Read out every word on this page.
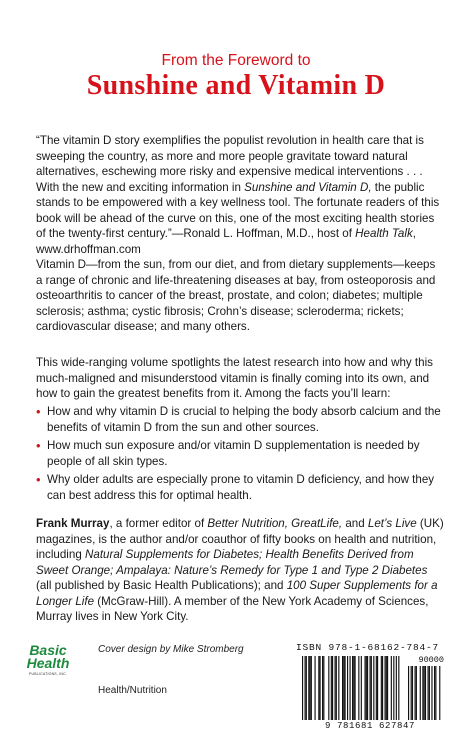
From the Foreword to
Sunshine and Vitamin D

“The vitamin D story exemplifies the populist revolution in health care that is sweeping the country, as more and more people gravitate toward natural alternatives, eschewing more risky and expensive medical interventions . . . With the new and exciting information in Sunshine and Vitamin D, the public stands to be empowered with a key wellness tool. The fortunate readers of this book will be ahead of the curve on this, one of the most exciting health stories of the twenty-first century.”—Ronald L. Hoffman, M.D., host of Health Talk, www.drhoffman.com

Vitamin D—from the sun, from our diet, and from dietary supplements—keeps a range of chronic and life-threatening diseases at bay, from osteoporosis and osteoarthritis to cancer of the breast, prostate, and colon; diabetes; multiple sclerosis; asthma; cystic fibrosis; Crohn’s disease; scleroderma; rickets; cardiovascular disease; and many others.

This wide-ranging volume spotlights the latest research into how and why this much-maligned and misunderstood vitamin is finally coming into its own, and how to gain the greatest benefits from it. Among the facts you’ll learn:

• How and why vitamin D is crucial to helping the body absorb calcium and the benefits of vitamin D from the sun and other sources.
• How much sun exposure and/or vitamin D supplementation is needed by people of all skin types.
• Why older adults are especially prone to vitamin D deficiency, and how they can best address this for optimal health.

Frank Murray, a former editor of Better Nutrition, GreatLife, and Let’s Live (UK) magazines, is the author and/or coauthor of fifty books on health and nutrition, including Natural Supplements for Diabetes; Health Benefits Derived from Sweet Orange; Ampalaya: Nature’s Remedy for Type 1 and Type 2 Diabetes (all published by Basic Health Publications); and 100 Super Supplements for a Longer Life (McGraw-Hill). A member of the New York Academy of Sciences, Murray lives in New York City.

Basic
Health
PUBLICATIONS, INC.
Cover design by Mike Stromberg
Health/Nutrition
ISBN 978-1-68162-784-7
90000
9 781681 627847
